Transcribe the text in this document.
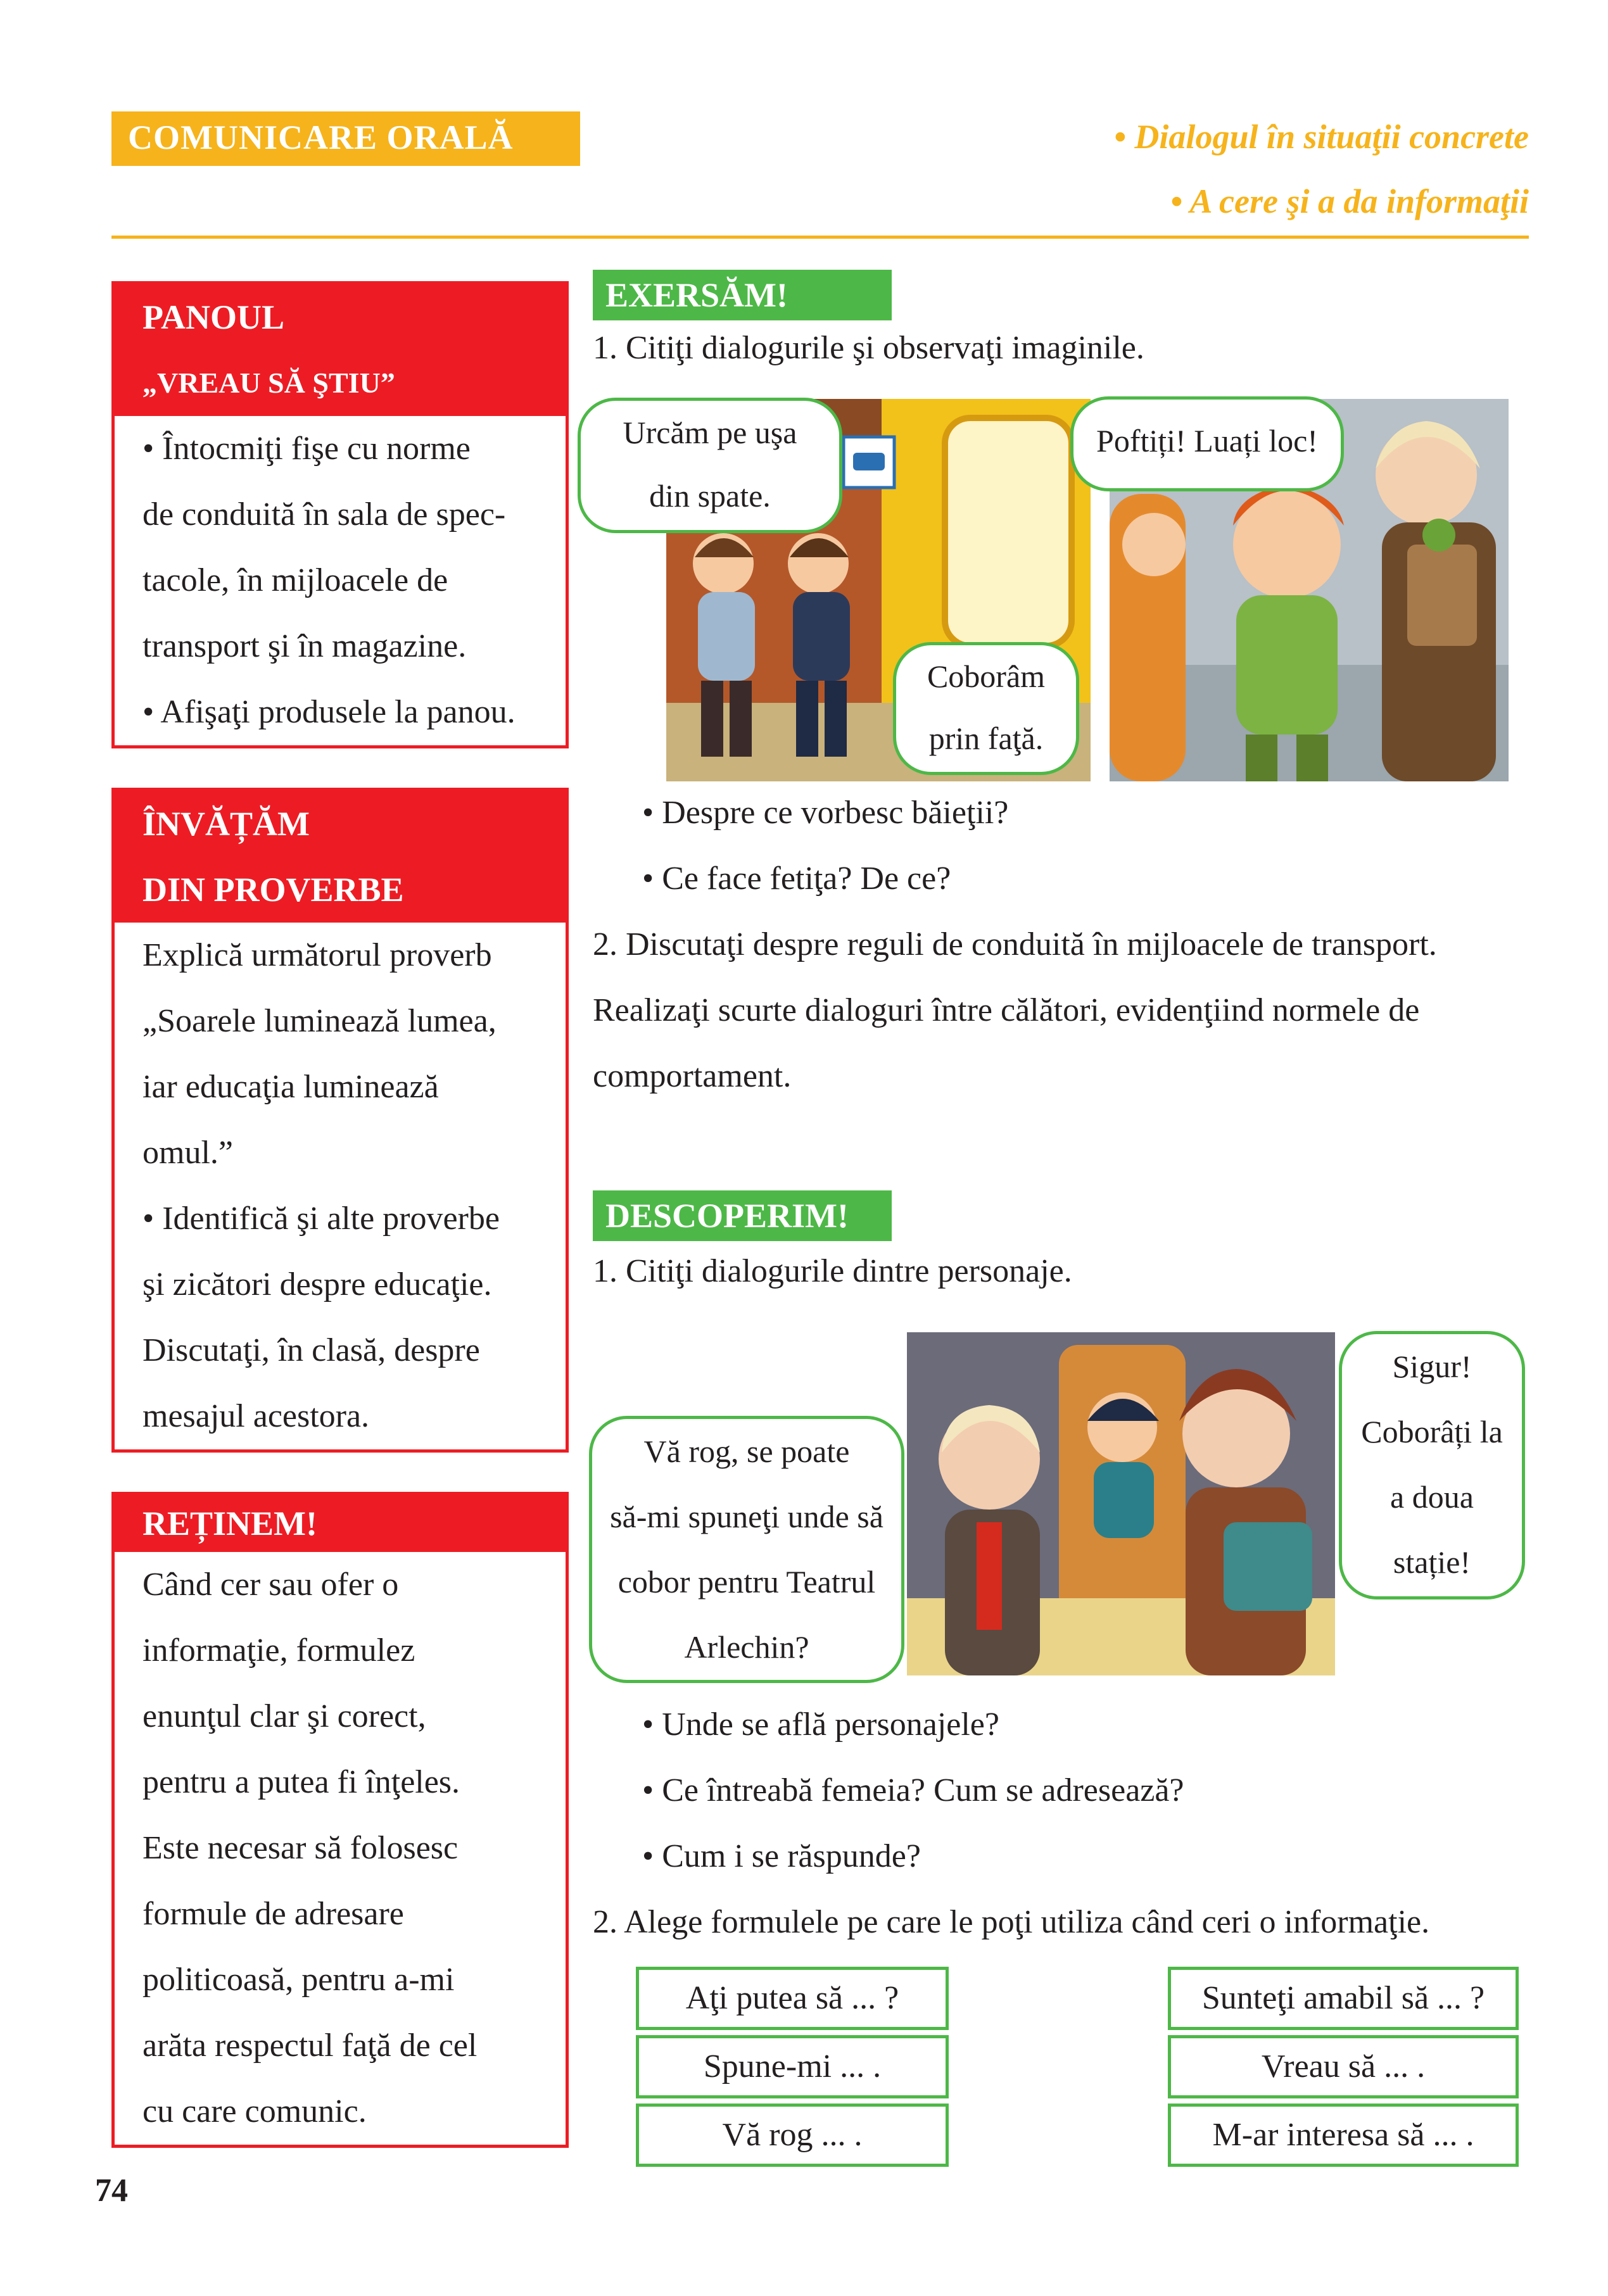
COMUNICARE ORALĂ	• Dialogul în situaţii concrete
• A cere şi a da informaţii
PANOUL
„VREAU SĂ ŞTIU”

• Întocmiţi fişe cu norme

de conduită în sala de spec-

tacole, în mijloacele de

transport şi în magazine.

• Afişaţi produsele la panou.

ÎNVĂȚĂM
DIN PROVERBE

Explică următorul proverb

„Soarele luminează lumea,

iar educaţia luminează

omul.”

• Identifică şi alte proverbe

şi zicători despre educaţie.

Discutaţi, în clasă, despre

mesajul acestora.

REȚINEM!

Când cer sau ofer o

informaţie, formulez

enunţul clar şi corect,

pentru a putea fi înţeles.

Este necesar să folosesc

formule de adresare

politicoasă, pentru a-mi

arăta respectul faţă de cel

cu care comunic.

EXERSĂM!
1. Citiţi dialogurile şi observaţi imaginile.
Urcăm pe uşa
din spate.
Coborâm
prin faţă.
Poftiți! Luați loc!
• Despre ce vorbesc băieţii?
• Ce face fetiţa? De ce?
2. Discutaţi despre reguli de conduită în mijloacele de transport.
Realizaţi scurte dialoguri între călători, evidenţiind normele de
comportament.
DESCOPERIM!
1. Citiţi dialogurile dintre personaje.
Vă rog, se poate
să-mi spuneţi unde să
cobor pentru Teatrul
Arlechin?
Sigur!
Coborâți la
a doua
stație!
• Unde se află personajele?
• Ce întreabă femeia? Cum se adresează?
• Cum i se răspunde?
2. Alege formulele pe care le poţi utiliza când ceri o informaţie.
Aţi putea să ... ?
Spune-mi ... .
Vă rog ... .
Sunteţi amabil să ... ?
Vreau să ... .
M-ar interesa să ... .
74
